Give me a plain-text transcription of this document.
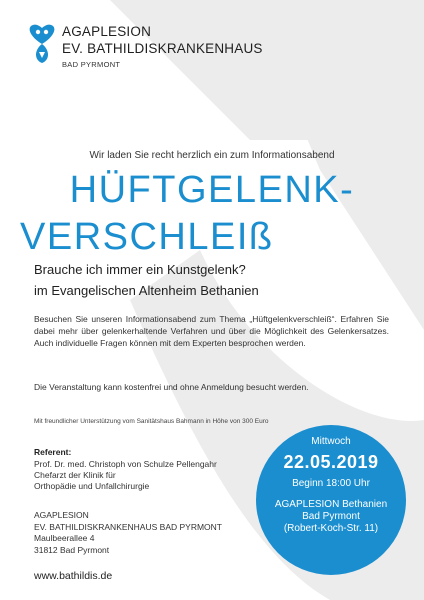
AGAPLESION
EV. BATHILDISKRANKENHAUS
BAD PYRMONT
Wir laden Sie recht herzlich ein zum Informationsabend
HÜFTGELENK-
VERSCHLEIß
Brauche ich immer ein Kunstgelenk?
im Evangelischen Altenheim Bethanien
Besuchen Sie unseren Informationsabend zum Thema „Hüftgelenkverschleiß“. Erfahren Sie dabei mehr über gelenkerhaltende Verfahren und über die Möglichkeit des Gelenkersatzes. Auch individuelle Fragen können mit dem Experten besprochen werden.
Die Veranstaltung kann kostenfrei und ohne Anmeldung besucht werden.
Mit freundlicher Unterstützung vom Sanitätshaus Bahmann in Höhe von 300 Euro
Referent:
Prof. Dr. med. Christoph von Schulze Pellengahr
Chefarzt der Klinik für
Orthopädie und Unfallchirurgie
AGAPLESION
EV. BATHILDISKRANKENHAUS BAD PYRMONT
Maulbeerallee 4
31812 Bad Pyrmont
www.bathildis.de
Mittwoch
22.05.2019
Beginn 18:00 Uhr
AGAPLESION Bethanien
Bad Pyrmont
(Robert-Koch-Str. 11)
